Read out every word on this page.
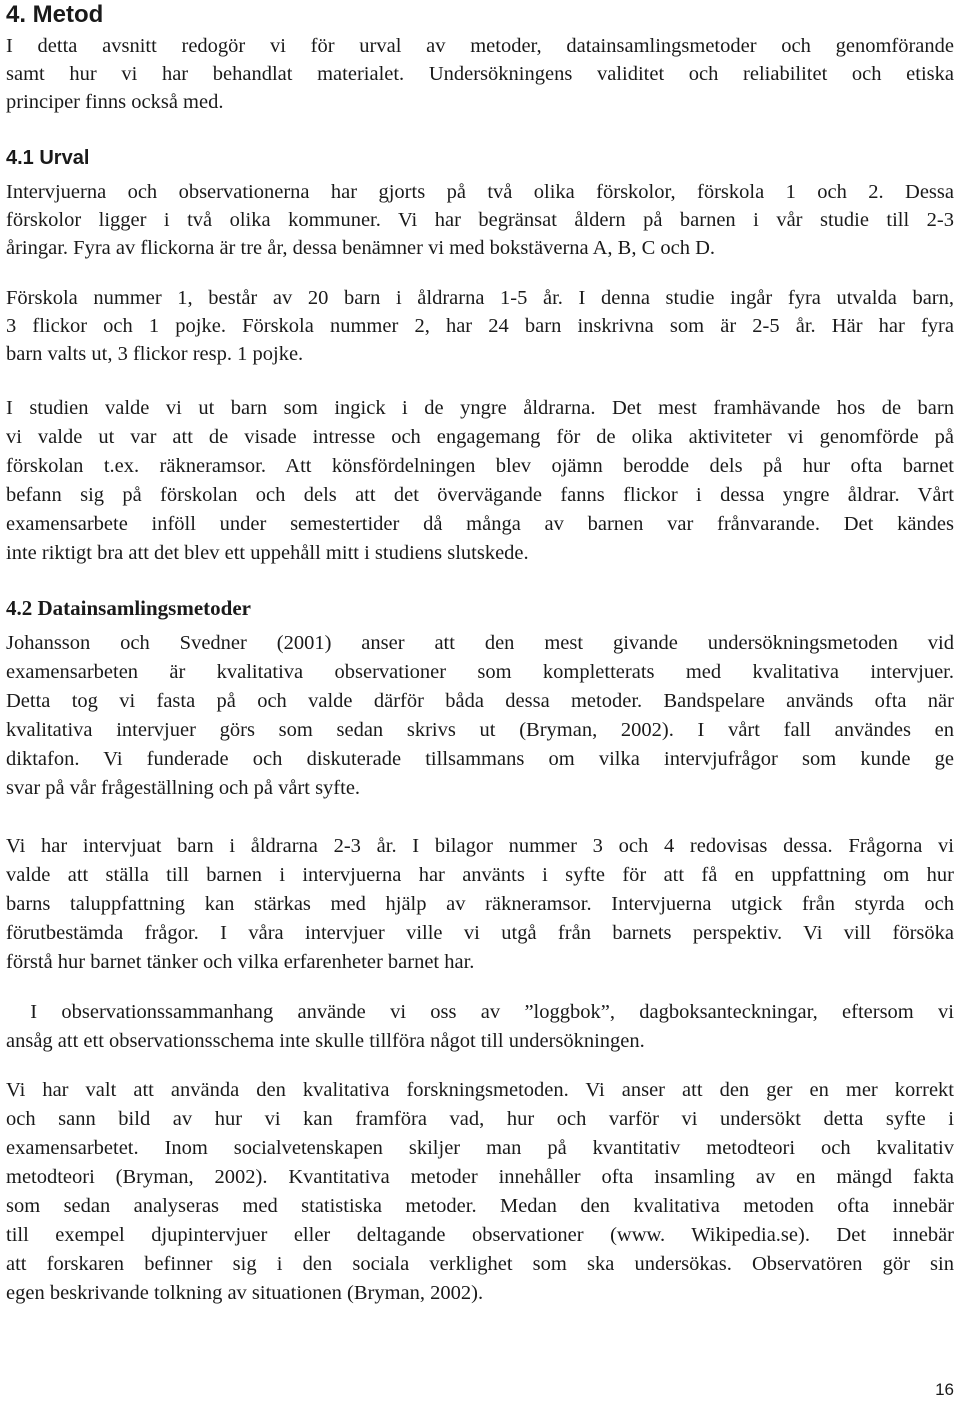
4. Metod
I detta avsnitt redogör vi för urval av metoder, datainsamlingsmetoder och genomförande
samt hur vi har behandlat materialet. Undersökningens validitet och reliabilitet och etiska
principer finns också med.
4.1 Urval
Intervjuerna och observationerna har gjorts på två olika förskolor, förskola 1 och 2. Dessa
förskolor ligger i två olika kommuner. Vi har begränsat åldern på barnen i vår studie till 2-3
åringar. Fyra av flickorna är tre år, dessa benämner vi med bokstäverna A, B, C och D.
Förskola nummer 1, består av 20 barn i åldrarna 1-5 år. I denna studie ingår fyra utvalda barn,
3 flickor och 1 pojke. Förskola nummer 2, har 24 barn inskrivna som är 2-5 år. Här har fyra
barn valts ut, 3 flickor resp. 1 pojke.
I studien valde vi ut barn som ingick i de yngre åldrarna. Det mest framhävande hos de barn
vi valde ut var att de visade intresse och engagemang för de olika aktiviteter vi genomförde på
förskolan t.ex. räkneramsor. Att könsfördelningen blev ojämn berodde dels på hur ofta barnet
befann sig på förskolan och dels att det övervägande fanns flickor i dessa yngre åldrar. Vårt
examensarbete inföll under semestertider då många av barnen var frånvarande. Det kändes
inte riktigt bra att det blev ett uppehåll mitt i studiens slutskede.
4.2 Datainsamlingsmetoder
Johansson och Svedner (2001) anser att den mest givande undersökningsmetoden vid
examensarbeten är kvalitativa observationer som kompletterats med kvalitativa intervjuer.
Detta tog vi fasta på och valde därför båda dessa metoder. Bandspelare används ofta när
kvalitativa intervjuer görs som sedan skrivs ut (Bryman, 2002). I vårt fall användes en
diktafon. Vi funderade och diskuterade tillsammans om vilka intervjufrågor som kunde ge
svar på vår frågeställning och på vårt syfte.
Vi har intervjuat barn i åldrarna 2-3 år. I bilagor nummer 3 och 4 redovisas dessa. Frågorna vi
valde att ställa till barnen i intervjuerna har använts i syfte för att få en uppfattning om hur
barns taluppfattning kan stärkas med hjälp av räkneramsor. Intervjuerna utgick från styrda och
förutbestämda frågor. I våra intervjuer ville vi utgå från barnets perspektiv. Vi vill försöka
förstå hur barnet tänker och vilka erfarenheter barnet har.
I observationssammanhang använde vi oss av ”loggbok”, dagboksanteckningar, eftersom vi
ansåg att ett observationsschema inte skulle tillföra något till undersökningen.
Vi har valt att använda den kvalitativa forskningsmetoden. Vi anser att den ger en mer korrekt
och sann bild av hur vi kan framföra vad, hur och varför vi undersökt detta syfte i
examensarbetet. Inom socialvetenskapen skiljer man på kvantitativ metodteori och kvalitativ
metodteori (Bryman, 2002). Kvantitativa metoder innehåller ofta insamling av en mängd fakta
som sedan analyseras med statistiska metoder. Medan den kvalitativa metoden ofta innebär
till exempel djupintervjuer eller deltagande observationer (www. Wikipedia.se). Det innebär
att forskaren befinner sig i den sociala verklighet som ska undersökas. Observatören gör sin
egen beskrivande tolkning av situationen (Bryman, 2002).
16
